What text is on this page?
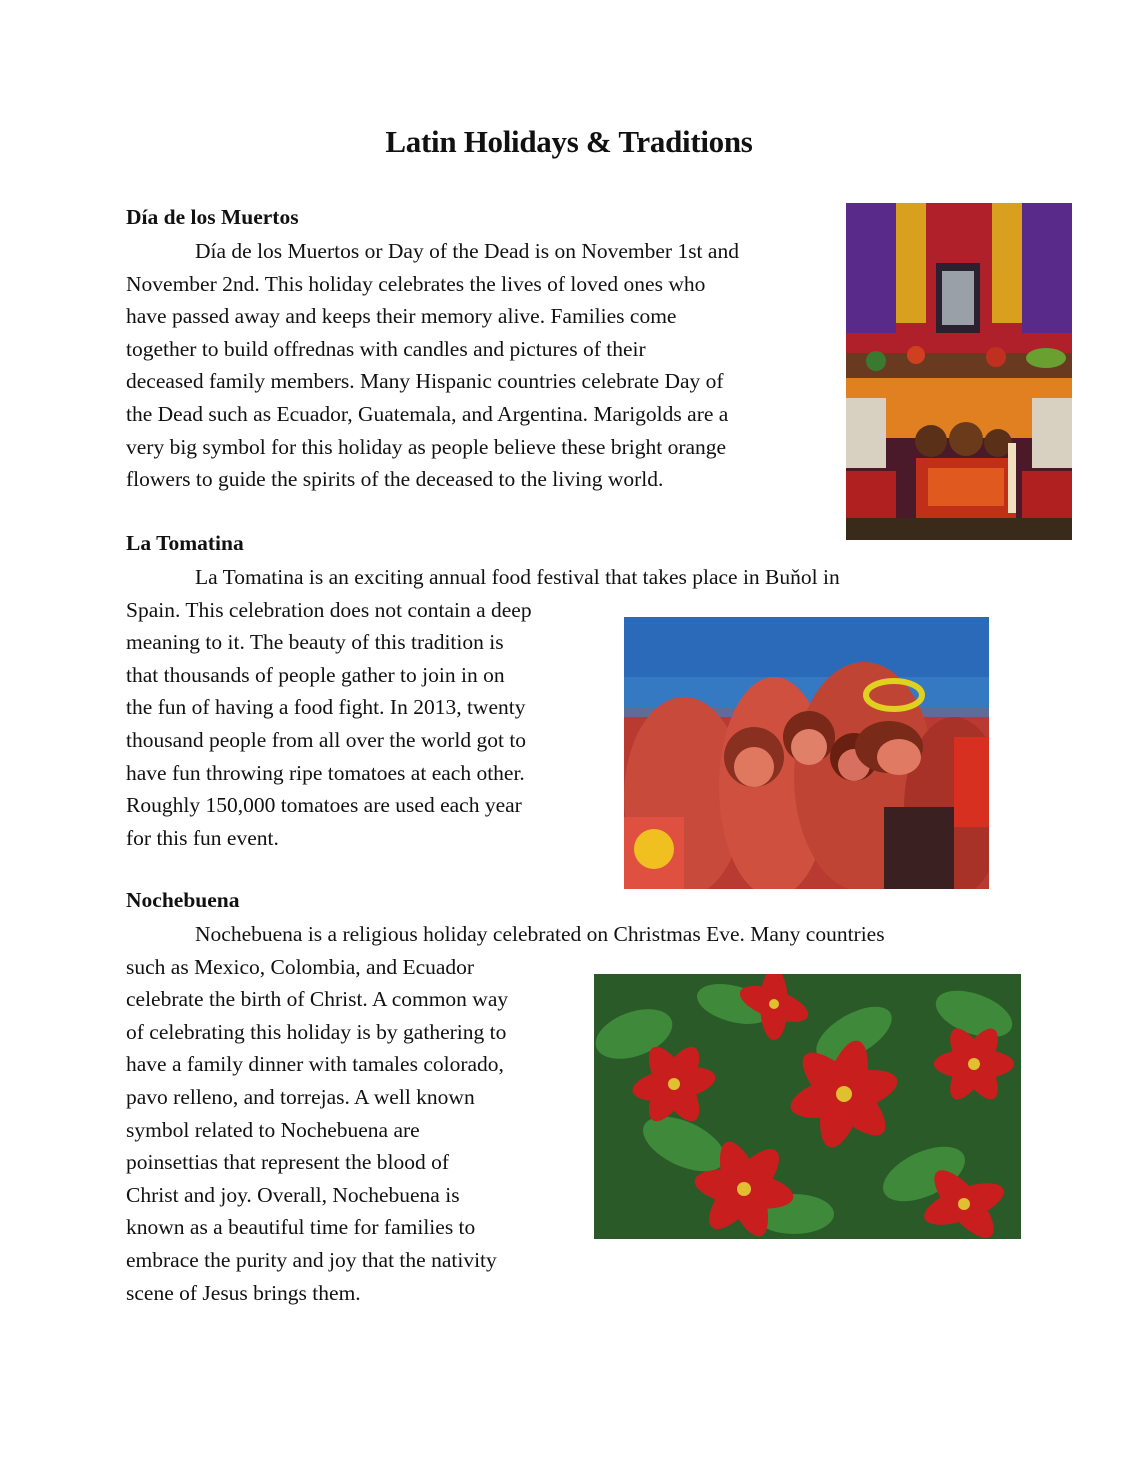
Latin Holidays & Traditions
Día de los Muertos

Día de los Muertos or Day of the Dead is on November 1st and
November 2nd. This holiday celebrates the lives of loved ones who
have passed away and keeps their memory alive. Families come
together to build offrednas with candles and pictures of their
deceased family members. Many Hispanic countries celebrate Day of
the Dead such as Ecuador, Guatemala, and Argentina. Marigolds are a
very big symbol for this holiday as people believe these bright orange
flowers to guide the spirits of the deceased to the living world.

La Tomatina

La Tomatina is an exciting annual food festival that takes place in Buňol in
Spain. This celebration does not contain a deep
meaning to it. The beauty of this tradition is
that thousands of people gather to join in on
the fun of having a food fight. In 2013, twenty
thousand people from all over the world got to
have fun throwing ripe tomatoes at each other.
Roughly 150,000 tomatoes are used each year
for this fun event.

Nochebuena

Nochebuena is a religious holiday celebrated on Christmas Eve. Many countries
such as Mexico, Colombia, and Ecuador
celebrate the birth of Christ. A common way
of celebrating this holiday is by gathering to
have a family dinner with tamales colorado,
pavo relleno, and torrejas. A well known
symbol related to Nochebuena are
poinsettias that represent the blood of
Christ and joy. Overall, Nochebuena is
known as a beautiful time for families to
embrace the purity and joy that the nativity
scene of Jesus brings them.
